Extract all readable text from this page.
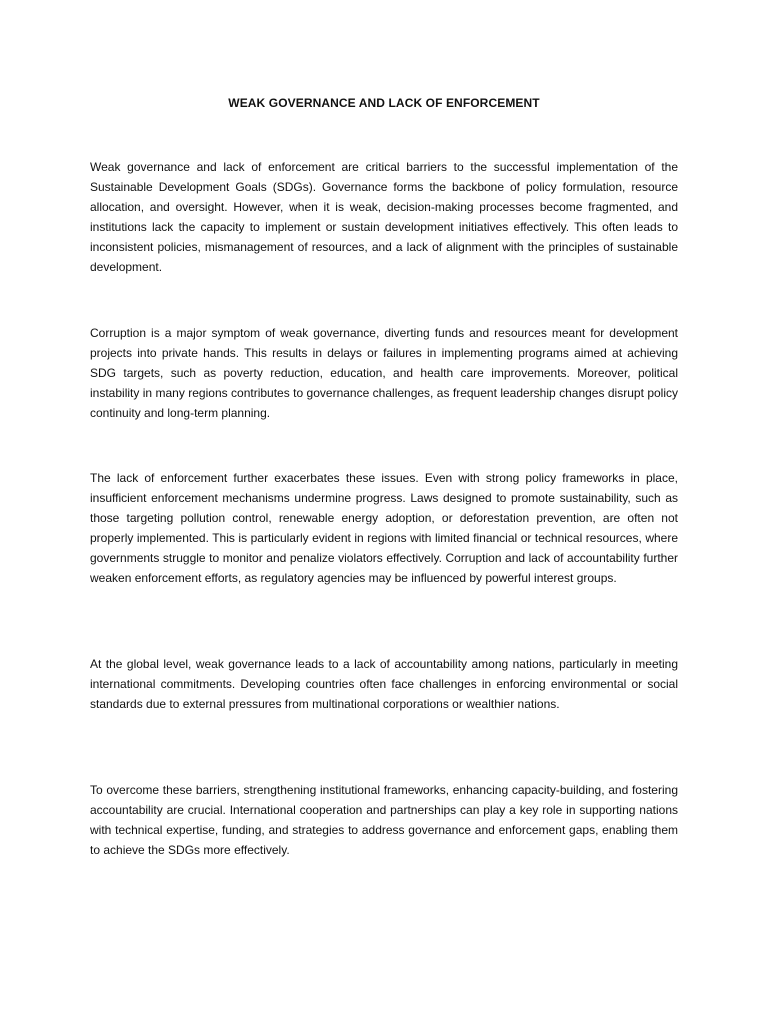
WEAK GOVERNANCE AND LACK OF ENFORCEMENT

Weak governance and lack of enforcement are critical barriers to the successful implementation of the Sustainable Development Goals (SDGs). Governance forms the backbone of policy formulation, resource allocation, and oversight. However, when it is weak, decision-making processes become fragmented, and institutions lack the capacity to implement or sustain development initiatives effectively. This often leads to inconsistent policies, mismanagement of resources, and a lack of alignment with the principles of sustainable development.

Corruption is a major symptom of weak governance, diverting funds and resources meant for development projects into private hands. This results in delays or failures in implementing programs aimed at achieving SDG targets, such as poverty reduction, education, and health care improvements. Moreover, political instability in many regions contributes to governance challenges, as frequent leadership changes disrupt policy continuity and long-term planning.

The lack of enforcement further exacerbates these issues. Even with strong policy frameworks in place, insufficient enforcement mechanisms undermine progress. Laws designed to promote sustainability, such as those targeting pollution control, renewable energy adoption, or deforestation prevention, are often not properly implemented. This is particularly evident in regions with limited financial or technical resources, where governments struggle to monitor and penalize violators effectively. Corruption and lack of accountability further weaken enforcement efforts, as regulatory agencies may be influenced by powerful interest groups.

At the global level, weak governance leads to a lack of accountability among nations, particularly in meeting international commitments. Developing countries often face challenges in enforcing environmental or social standards due to external pressures from multinational corporations or wealthier nations.

To overcome these barriers, strengthening institutional frameworks, enhancing capacity-building, and fostering accountability are crucial. International cooperation and partnerships can play a key role in supporting nations with technical expertise, funding, and strategies to address governance and enforcement gaps, enabling them to achieve the SDGs more effectively.
